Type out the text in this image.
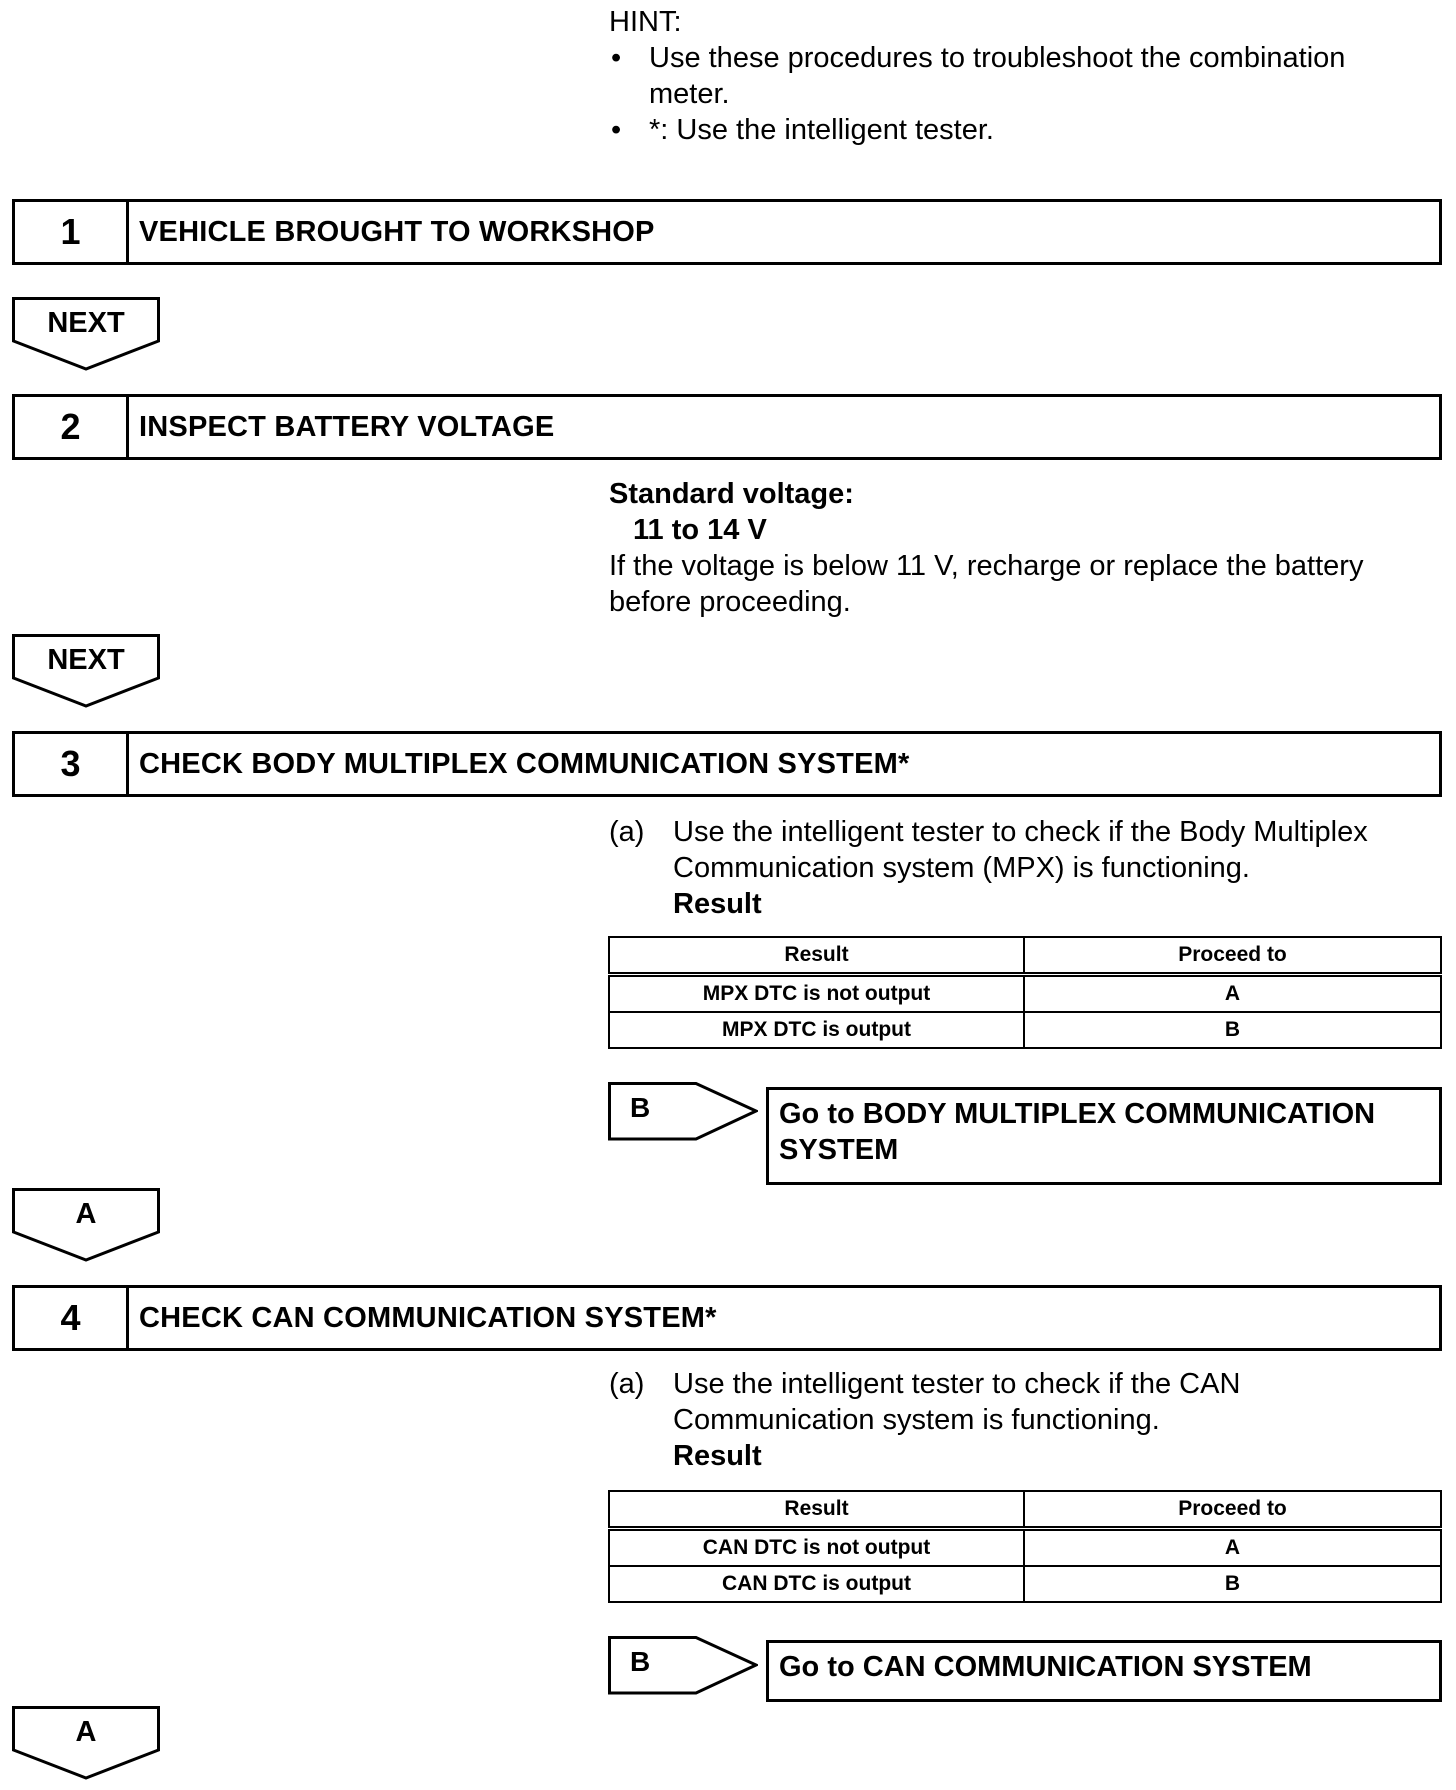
HINT:
• Use these procedures to troubleshoot the combination meter.
• *: Use the intelligent tester.
1	VEHICLE BROUGHT TO WORKSHOP
NEXT
2	INSPECT BATTERY VOLTAGE
Standard voltage:
11 to 14 V
If the voltage is below 11 V, recharge or replace the battery before proceeding.
NEXT
3	CHECK BODY MULTIPLEX COMMUNICATION SYSTEM*
(a) Use the intelligent tester to check if the Body Multiplex Communication system (MPX) is functioning.
Result
Result	Proceed to
MPX DTC is not output	A
MPX DTC is output	B
B	Go to BODY MULTIPLEX COMMUNICATION SYSTEM
A
4	CHECK CAN COMMUNICATION SYSTEM*
(a) Use the intelligent tester to check if the CAN Communication system is functioning.
Result
Result	Proceed to
CAN DTC is not output	A
CAN DTC is output	B
B	Go to CAN COMMUNICATION SYSTEM
A
